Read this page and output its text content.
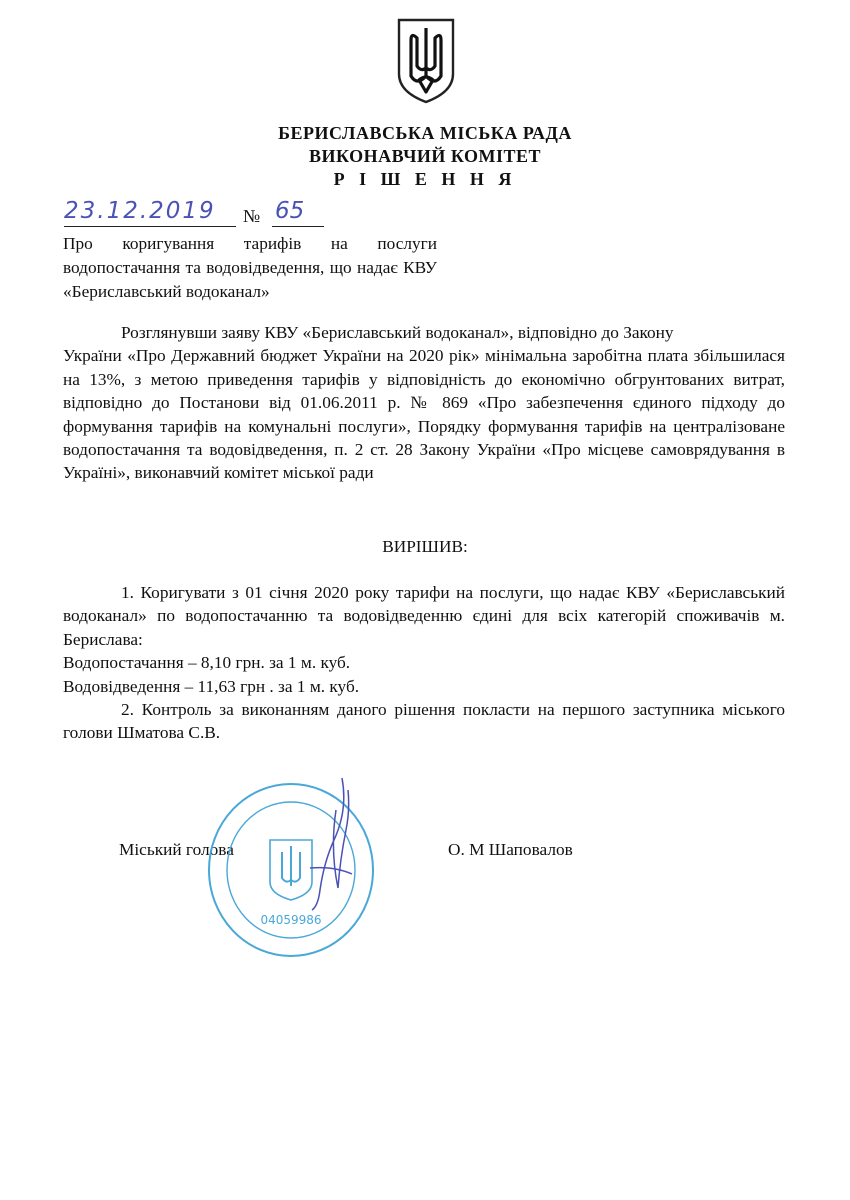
БЕРИСЛАВСЬКА МІСЬКА РАДА
ВИКОНАВЧИЙ КОМІТЕТ
Р І Ш Е Н Н Я
23.12.2019	№ 65
Про коригування тарифів на послуги водопостачання та водовідведення, що надає КВУ «Бериславський водоканал»
Розглянувши заяву КВУ «Бериславський водоканал», відповідно до Закону
України «Про Державний бюджет України на 2020 рік» мінімальна заробітна плата збільшилася на 13%, з метою приведення тарифів у відповідність до економічно обгрунтованих витрат, відповідно до Постанови від 01.06.2011 р. № 869 «Про забезпечення єдиного підходу до формування тарифів на комунальні послуги», Порядку формування тарифів на централізоване водопостачання та водовідведення, п. 2 ст. 28 Закону України «Про місцеве самоврядування в Україні», виконавчий комітет міської ради
ВИРІШИВ:
1. Коригувати з 01 січня 2020 року тарифи на послуги, що надає КВУ «Бериславський водоканал» по водопостачанню та водовідведенню єдині для всіх категорій споживачів м. Берислава:
Водопостачання – 8,10 грн. за 1 м. куб.
Водовідведення – 11,63 грн . за 1 м. куб.
2. Контроль за виконанням даного рішення покласти на першого заступника міського голови Шматова С.В.
Міський голова	О. М Шаповалов
04059986
